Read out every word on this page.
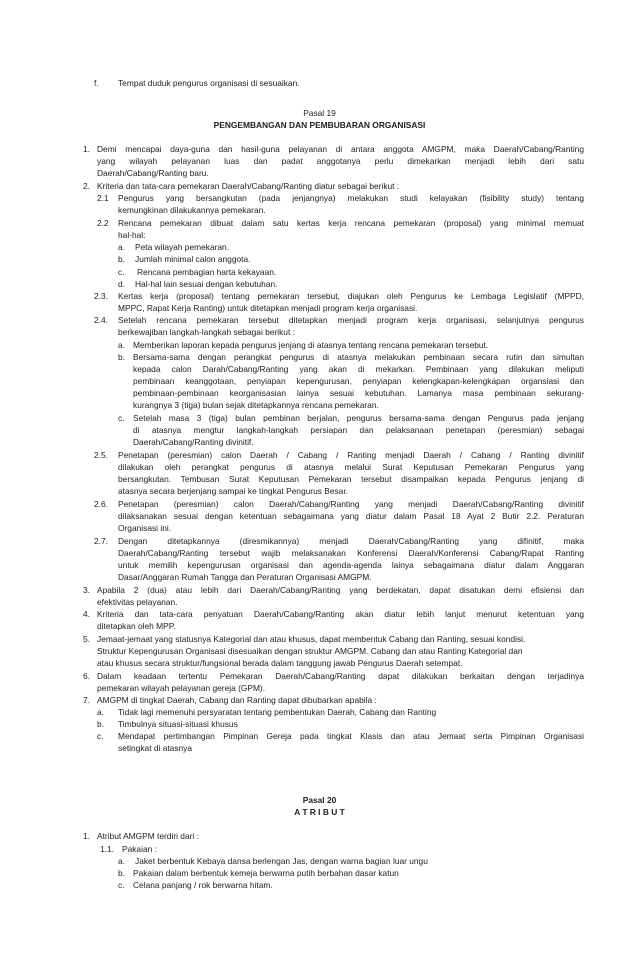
f. Tempat duduk pengurus organisasi di sesuaikan.
Pasal 19
PENGEMBANGAN DAN PEMBUBARAN ORGANISASI
1. Demi mencapai daya-guna dan hasil-guna pelayanan di antara anggota AMGPM, maka Daerah/Cabang/Ranting
yang wilayah pelayanan luas dan padat anggotanya perlu dimekarkan menjadi lebih dari satu
Daerah/Cabang/Ranting baru.
2. Kriteria dan tata-cara pemekaran Daerah/Cabang/Ranting diatur sebagai berikut :
2.1 Pengurus yang bersangkutan (pada jenjangnya) melakukan studi kelayakan (fisibility study) tentang
kemungkinan dilakukannya pemekaran.
2.2 Rencana pemekaran dibuat dalam satu kertas kerja rencana pemekaran (proposal) yang minimal memuat
hal-hal:
a. Peta wilayah pemekaran.
b. Jumlah minimal calon anggota.
c. Rencana pembagian harta kekayaan.
d. Hal-hal lain sesuai dengan kebutuhan.
2.3. Kertas kerja (proposal) tentang pemekaran tersebut, diajukan oleh Pengurus ke Lembaga Legislatif (MPPD,
MPPC, Rapat Kerja Ranting) untuk ditetapkan menjadi program kerja organisasi.
2.4. Setelah rencana pemekaran tersebut ditetapkan menjadi program kerja organisasi, selanjutnya pengurus
berkewajiban langkah-langkah sebagai berikut :
a. Memberikan laporan kepada pengurus jenjang di atasnya tentang rencana pemekaran tersebut.
b. Bersama-sama dengan perangkat pengurus di atasnya melakukan pembinaan secara rutin dan simultan
kepada calon Darah/Cabang/Ranting yang akan di mekarkan. Pembinaan yang dilakukan meliputi
pembinaan keanggotaan, penyiapan kepengurusan, penyiapan kelengkapan-kelengkapan organsiasi dan
pembinaan-pembinaan keorganisasian lainya sesuai kebutuhan. Lamanya masa pembinaan sekurang-
kurangnya 3 (tiga) bulan sejak ditetapkannya rencana pemekaran.
c. Setelah masa 3 (tiga) bulan pembinan berjalan, pengurus bersama-sama dengan Pengurus pada jenjang
di atasnya mengtur langkah-langkah persiapan dan pelaksanaan penetapan (peresmian) sebagai
Daerah/Cabang/Ranting divinitif.
2.5. Penetapan (peresmian) calon Daerah / Cabang / Ranting menjadi Daerah / Cabang / Ranting divinitif
dilakukan oleh perangkat pengurus di atasnya melalui Surat Keputusan Pemekaran Pengurus yang
bersangkutan. Tembusan Surat Keputusan Pemekaran tersebut disampaikan kepada Pengurus jenjang di
atasnya secara berjenjang sampai ke tingkat Pengurus Besar.
2.6. Penetapan (peresmian) calon Daerah/Cabang/Ranting yang menjadi Daerah/Cabang/Ranting divinitif
dilaksanakan sesuai dengan ketentuan sebagaimana yang diatur dalam Pasal 18 Ayat 2 Butir 2.2. Peraturan
Organisasi ini.
2.7. Dengan ditetapkannya (diresmikannya) menjadi Daerah/Cabang/Ranting yang difinitif, maka
Daerah/Cabang/Ranting tersebut wajib melaksanakan Konferensi Daerah/Konferensi Cabang/Rapat Ranting
untuk memilih kepengurusan organisasi dan agenda-agenda lainya sebagaimana diatur dalam Anggaran
Dasar/Anggaran Rumah Tangga dan Peraturan Organisasi AMGPM.
3. Apabila 2 (dua) atau lebih dari Daerah/Cabang/Ranting yang berdekatan, dapat disatukan demi efisiensi dan
efektivitas pelayanan.
4. Kriteria dan tata-cara penyatuan Daerah/Cabang/Ranting akan diatur lebih lanjut menurut ketentuan yang
ditetapkan oleh MPP.
5. Jemaat-jemaat yang statusnya Kategorial dan atau khusus, dapat membentuk Cabang dan Ranting, sesuai kondisi.
Struktur Kepengurusan Organisasi disesuaikan dengan struktur AMGPM. Cabang dan atau Ranting Kategorial dan
atau khusus secara struktur/fungsional berada dalam tanggung jawab Pengurus Daerah setempat.
6. Dalam keadaan tertentu Pemekaran Daerah/Cabang/Ranting dapat dilakukan berkaitan dengan terjadinya
pemekaran wilayah pelayanan gereja (GPM).
7. AMGPM di tingkat Daerah, Cabang dan Ranting dapat dibubarkan apabila :
a. Tidak lagi memenuhi persyaratan tentang pembentukan Daerah, Cabang dan Ranting
b. Timbulnya situasi-situasi khusus
c. Mendapat pertimbangan Pimpinan Gereja pada tingkat Klasis dan atau Jemaat serta Pimpinan Organisasi
setingkat di atasnya
Pasal 20
A T R I B U T
1. Atribut AMGPM terdiri dari :
1.1. Pakaian :
a. Jaket berbentuk Kebaya dansa berlengan Jas, dengan warna bagian luar ungu
b. Pakaian dalam berbentuk kemeja berwarna putih berbahan dasar katun
c. Celana panjang / rok berwarna hitam.
